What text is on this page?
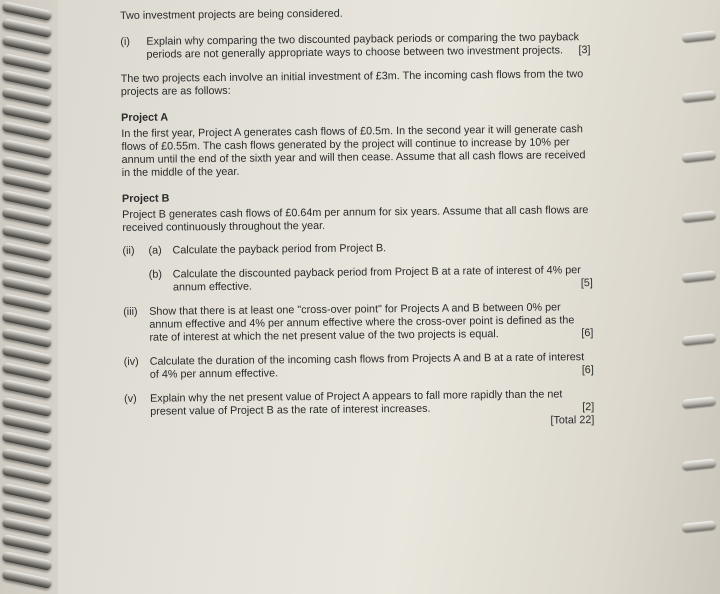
Two investment projects are being considered.

(i)	Explain why comparing the two discounted payback periods or comparing the two payback periods are not generally appropriate ways to choose between two investment projects. [3]

The two projects each involve an initial investment of £3m. The incoming cash flows from the two projects are as follows:

Project A

In the first year, Project A generates cash flows of £0.5m. In the second year it will generate cash flows of £0.55m. The cash flows generated by the project will continue to increase by 10% per annum until the end of the sixth year and will then cease. Assume that all cash flows are received in the middle of the year.

Project B

Project B generates cash flows of £0.64m per annum for six years. Assume that all cash flows are received continuously throughout the year.

(ii)	(a) Calculate the payback period from Project B.
(b) Calculate the discounted payback period from Project B at a rate of interest of 4% per annum effective.	[5]
(iii)	Show that there is at least one "cross-over point" for Projects A and B between 0% per annum effective and 4% per annum effective where the cross-over point is defined as the rate of interest at which the net present value of the two projects is equal.	[6]
(iv)	Calculate the duration of the incoming cash flows from Projects A and B at a rate of interest of 4% per annum effective.	[6]
(v)	Explain why the net present value of Project A appears to fall more rapidly than the net present value of Project B as the rate of interest increases.	[2]

[Total 22]
